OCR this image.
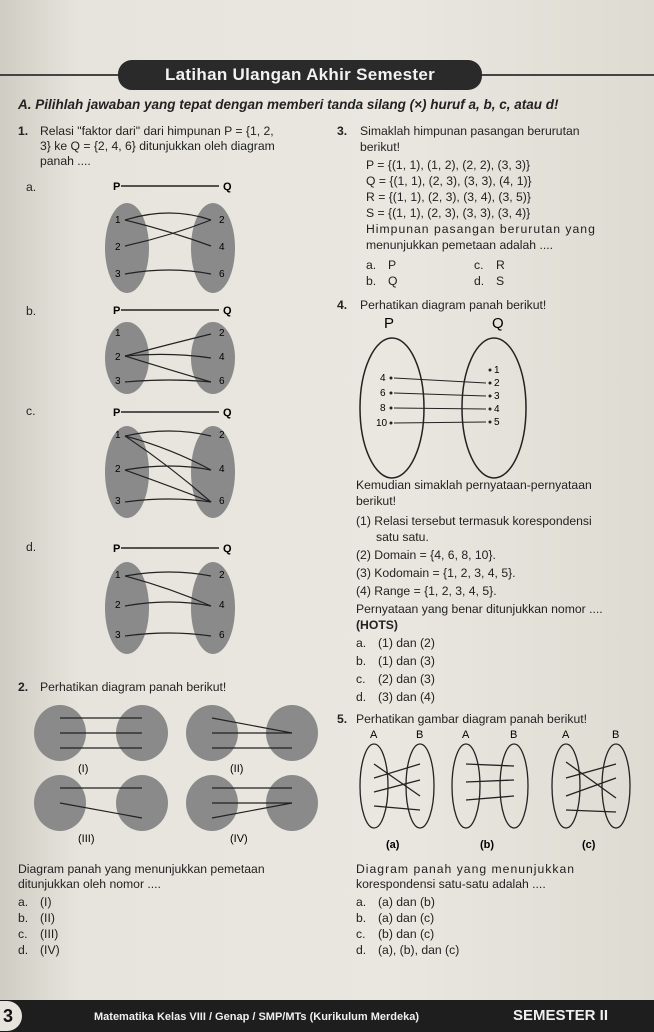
Latihan Ulangan Akhir Semester
A. Pilihlah jawaban yang tepat dengan memberi tanda silang (×) huruf a, b, c, atau d!
1. Relasi "faktor dari" dari himpunan P = {1, 2,
3} ke Q = {2, 4, 6} ditunjukkan oleh diagram
panah ....
a.
b.
c.
d.
P	Q
1
2
3
2
4
6
P	Q
1
2
3
2
4
6
P	Q
1
2
3
2
4
6
P	Q
1
2
3
2
4
6
2. Perhatikan diagram panah berikut!
(I)	(II)
(III)	(IV)
Diagram panah yang menunjukkan pemetaan
ditunjukkan oleh nomor ....
a. (I)
b. (II)
c. (III)
d. (IV)
3. Simaklah himpunan pasangan berurutan
berikut!
P = {(1, 1), (1, 2), (2, 2), (3, 3)}
Q = {(1, 1), (2, 3), (3, 3), (4, 1)}
R = {(1, 1), (2, 3), (3, 4), (3, 5)}
S = {(1, 1), (2, 3), (3, 3), (3, 4)}
Himpunan pasangan berurutan yang
menunjukkan pemetaan adalah ....
a. P	c. R
b. Q	d. S
4. Perhatikan diagram panah berikut!
P	Q
4
6
8
10
1
2
3
4
5
Kemudian simaklah pernyataan-pernyataan
berikut!
(1) Relasi tersebut termasuk korespondensi
satu satu.
(2) Domain = {4, 6, 8, 10}.
(3) Kodomain = {1, 2, 3, 4, 5}.
(4) Range = {1, 2, 3, 4, 5}.
Pernyataan yang benar ditunjukkan nomor ....
(HOTS)
a. (1) dan (2)
b. (1) dan (3)
c. (2) dan (3)
d. (3) dan (4)
5. Perhatikan gambar diagram panah berikut!
A	B	A	B	A	B
(a)	(b)	(c)
Diagram panah yang menunjukkan
korespondensi satu-satu adalah ....
a. (a) dan (b)
b. (a) dan (c)
c. (b) dan (c)
d. (a), (b), dan (c)
3	Matematika Kelas VIII / Genap / SMP/MTs (Kurikulum Merdeka)	SEMESTER II
